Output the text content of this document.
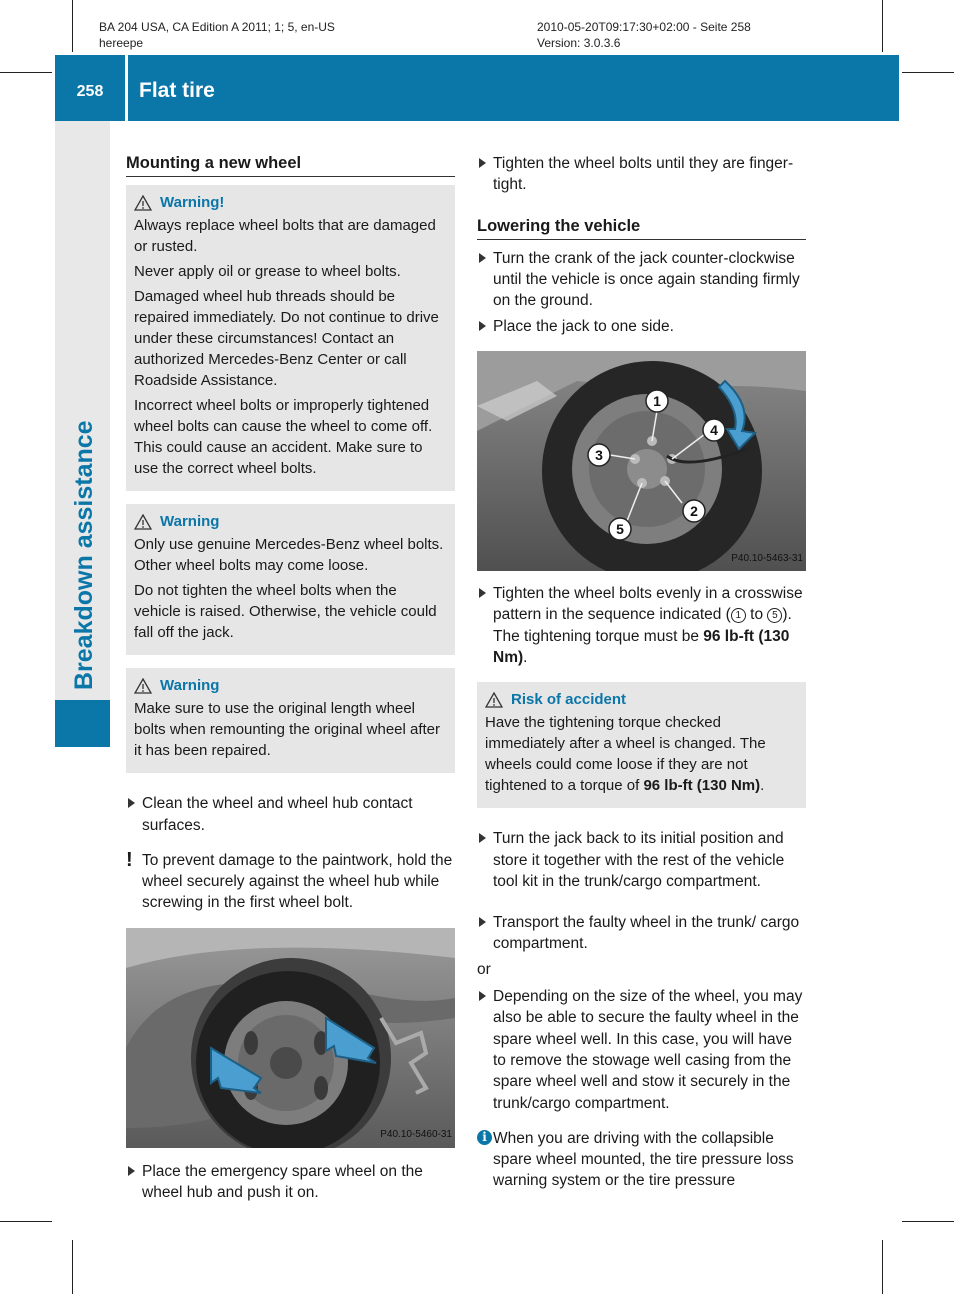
BA 204 USA, CA Edition A 2011; 1; 5, en-US
hereepe
2010-05-20T09:17:30+02:00 - Seite 258
Version: 3.0.3.6
258	Flat tire
Breakdown assistance
Mounting a new wheel
Warning!

Always replace wheel bolts that are damaged or rusted.

Never apply oil or grease to wheel bolts.

Damaged wheel hub threads should be repaired immediately. Do not continue to drive under these circumstances! Contact an authorized Mercedes-Benz Center or call Roadside Assistance.

Incorrect wheel bolts or improperly tightened wheel bolts can cause the wheel to come off. This could cause an accident. Make sure to use the correct wheel bolts.

Warning

Only use genuine Mercedes-Benz wheel bolts. Other wheel bolts may come loose.

Do not tighten the wheel bolts when the vehicle is raised. Otherwise, the vehicle could fall off the jack.

Warning

Make sure to use the original length wheel bolts when remounting the original wheel after it has been repaired.

Clean the wheel and wheel hub contact surfaces.
! To prevent damage to the paintwork, hold the wheel securely against the wheel hub while screwing in the first wheel bolt.
P40.10-5460-31
Place the emergency spare wheel on the wheel hub and push it on.
Tighten the wheel bolts until they are finger-tight.
Lowering the vehicle
Turn the crank of the jack counter-clockwise until the vehicle is once again standing firmly on the ground.
Place the jack to one side.
1
4
3
2
5
P40.10-5463-31
Tighten the wheel bolts evenly in a crosswise pattern in the sequence indicated ( 1 to 5 ). The tightening torque must be 96 lb-ft (130 Nm).
Risk of accident

Have the tightening torque checked immediately after a wheel is changed. The wheels could come loose if they are not tightened to a torque of 96 lb-ft (130 Nm).

Turn the jack back to its initial position and store it together with the rest of the vehicle tool kit in the trunk/cargo compartment.
Transport the faulty wheel in the trunk/ cargo compartment.
or
Depending on the size of the wheel, you may also be able to secure the faulty wheel in the spare wheel well. In this case, you will have to remove the stowage well casing from the spare wheel well and stow it securely in the trunk/cargo compartment.
i When you are driving with the collapsible spare wheel mounted, the tire pressure loss warning system or the tire pressure
